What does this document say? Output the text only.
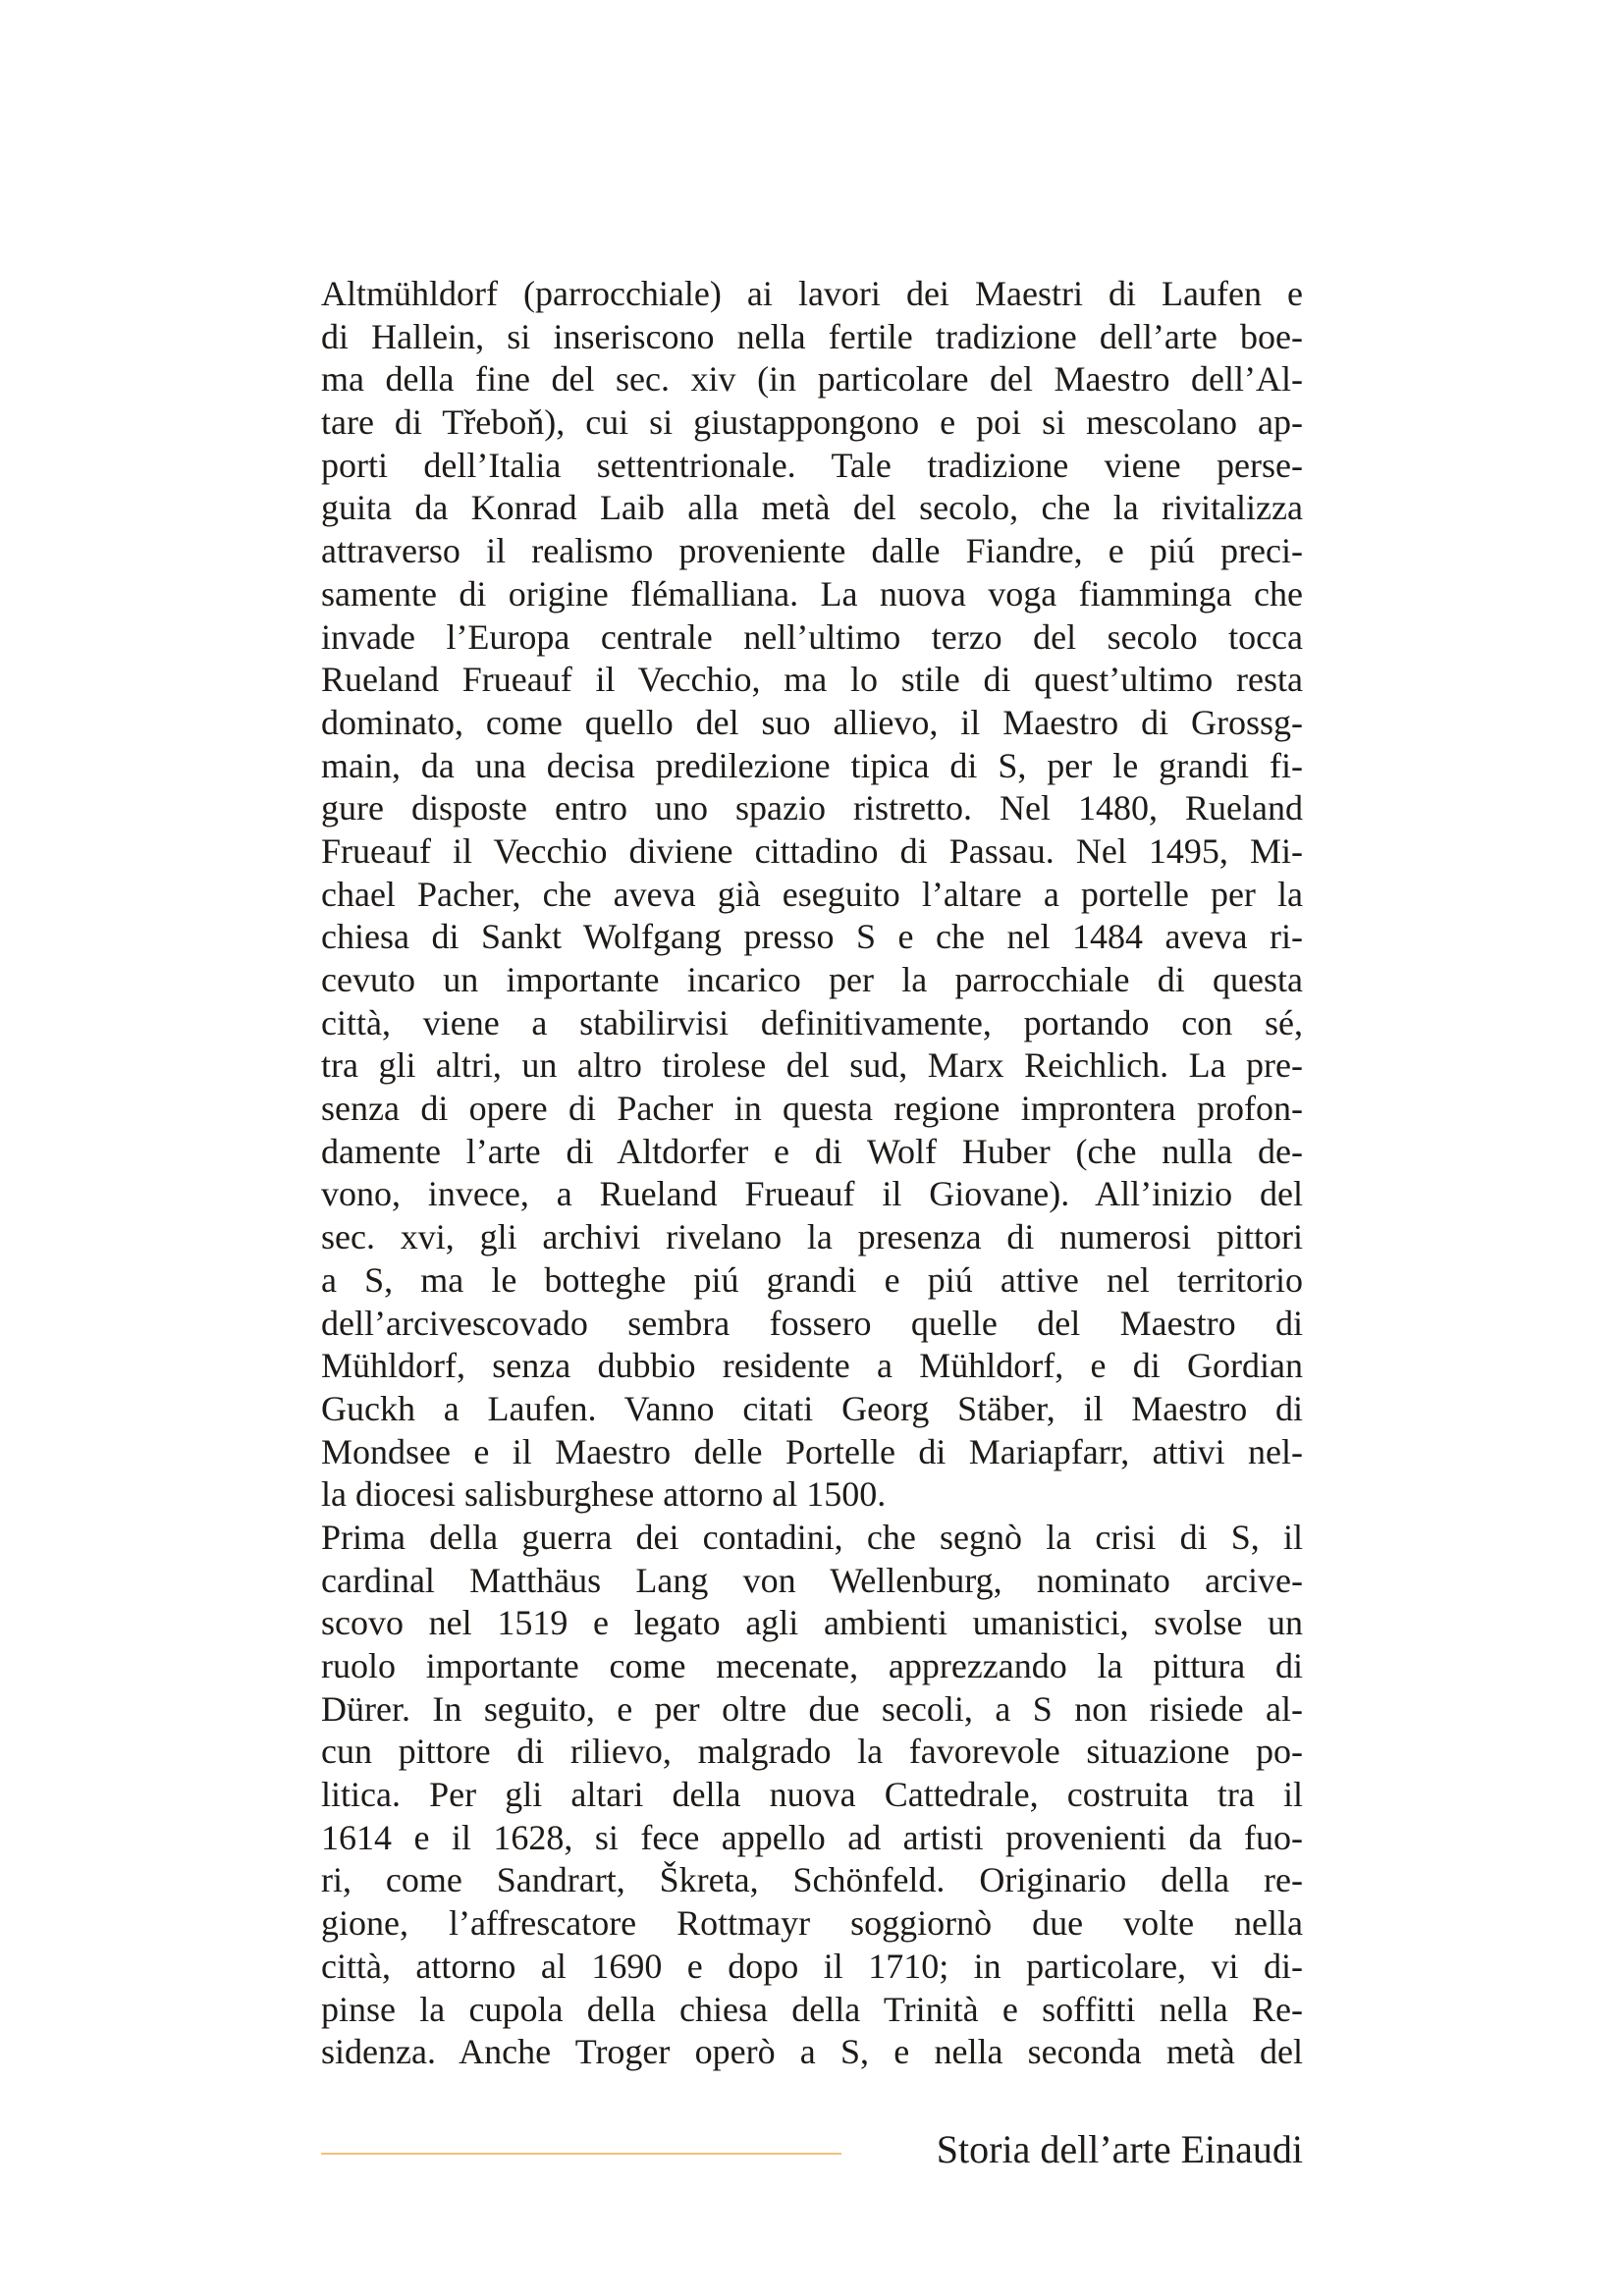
Altmühldorf (parrocchiale) ai lavori dei Maestri di Laufen e
di Hallein, si inseriscono nella fertile tradizione dell’arte boe-
ma della fine del sec. xiv (in particolare del Maestro dell’Al-
tare di Třeboň), cui si giustappongono e poi si mescolano ap-
porti dell’Italia settentrionale. Tale tradizione viene perse-
guita da Konrad Laib alla metà del secolo, che la rivitalizza
attraverso il realismo proveniente dalle Fiandre, e piú preci-
samente di origine flémalliana. La nuova voga fiamminga che
invade l’Europa centrale nell’ultimo terzo del secolo tocca
Rueland Frueauf il Vecchio, ma lo stile di quest’ultimo resta
dominato, come quello del suo allievo, il Maestro di Grossg-
main, da una decisa predilezione tipica di S, per le grandi fi-
gure disposte entro uno spazio ristretto. Nel 1480, Rueland
Frueauf il Vecchio diviene cittadino di Passau. Nel 1495, Mi-
chael Pacher, che aveva già eseguito l’altare a portelle per la
chiesa di Sankt Wolfgang presso S e che nel 1484 aveva ri-
cevuto un importante incarico per la parrocchiale di questa
città, viene a stabilirvisi definitivamente, portando con sé,
tra gli altri, un altro tirolese del sud, Marx Reichlich. La pre-
senza di opere di Pacher in questa regione improntera profon-
damente l’arte di Altdorfer e di Wolf Huber (che nulla de-
vono, invece, a Rueland Frueauf il Giovane). All’inizio del
sec. xvi, gli archivi rivelano la presenza di numerosi pittori
a S, ma le botteghe piú grandi e piú attive nel territorio
dell’arcivescovado sembra fossero quelle del Maestro di
Mühldorf, senza dubbio residente a Mühldorf, e di Gordian
Guckh a Laufen. Vanno citati Georg Stäber, il Maestro di
Mondsee e il Maestro delle Portelle di Mariapfarr, attivi nel-
la diocesi salisburghese attorno al 1500.
Prima della guerra dei contadini, che segnò la crisi di S, il
cardinal Matthäus Lang von Wellenburg, nominato arcive-
scovo nel 1519 e legato agli ambienti umanistici, svolse un
ruolo importante come mecenate, apprezzando la pittura di
Dürer. In seguito, e per oltre due secoli, a S non risiede al-
cun pittore di rilievo, malgrado la favorevole situazione po-
litica. Per gli altari della nuova Cattedrale, costruita tra il
1614 e il 1628, si fece appello ad artisti provenienti da fuo-
ri, come Sandrart, Škreta, Schönfeld. Originario della re-
gione, l’affrescatore Rottmayr soggiornò due volte nella
città, attorno al 1690 e dopo il 1710; in particolare, vi di-
pinse la cupola della chiesa della Trinità e soffitti nella Re-
sidenza. Anche Troger operò a S, e nella seconda metà del
Storia dell’arte Einaudi
